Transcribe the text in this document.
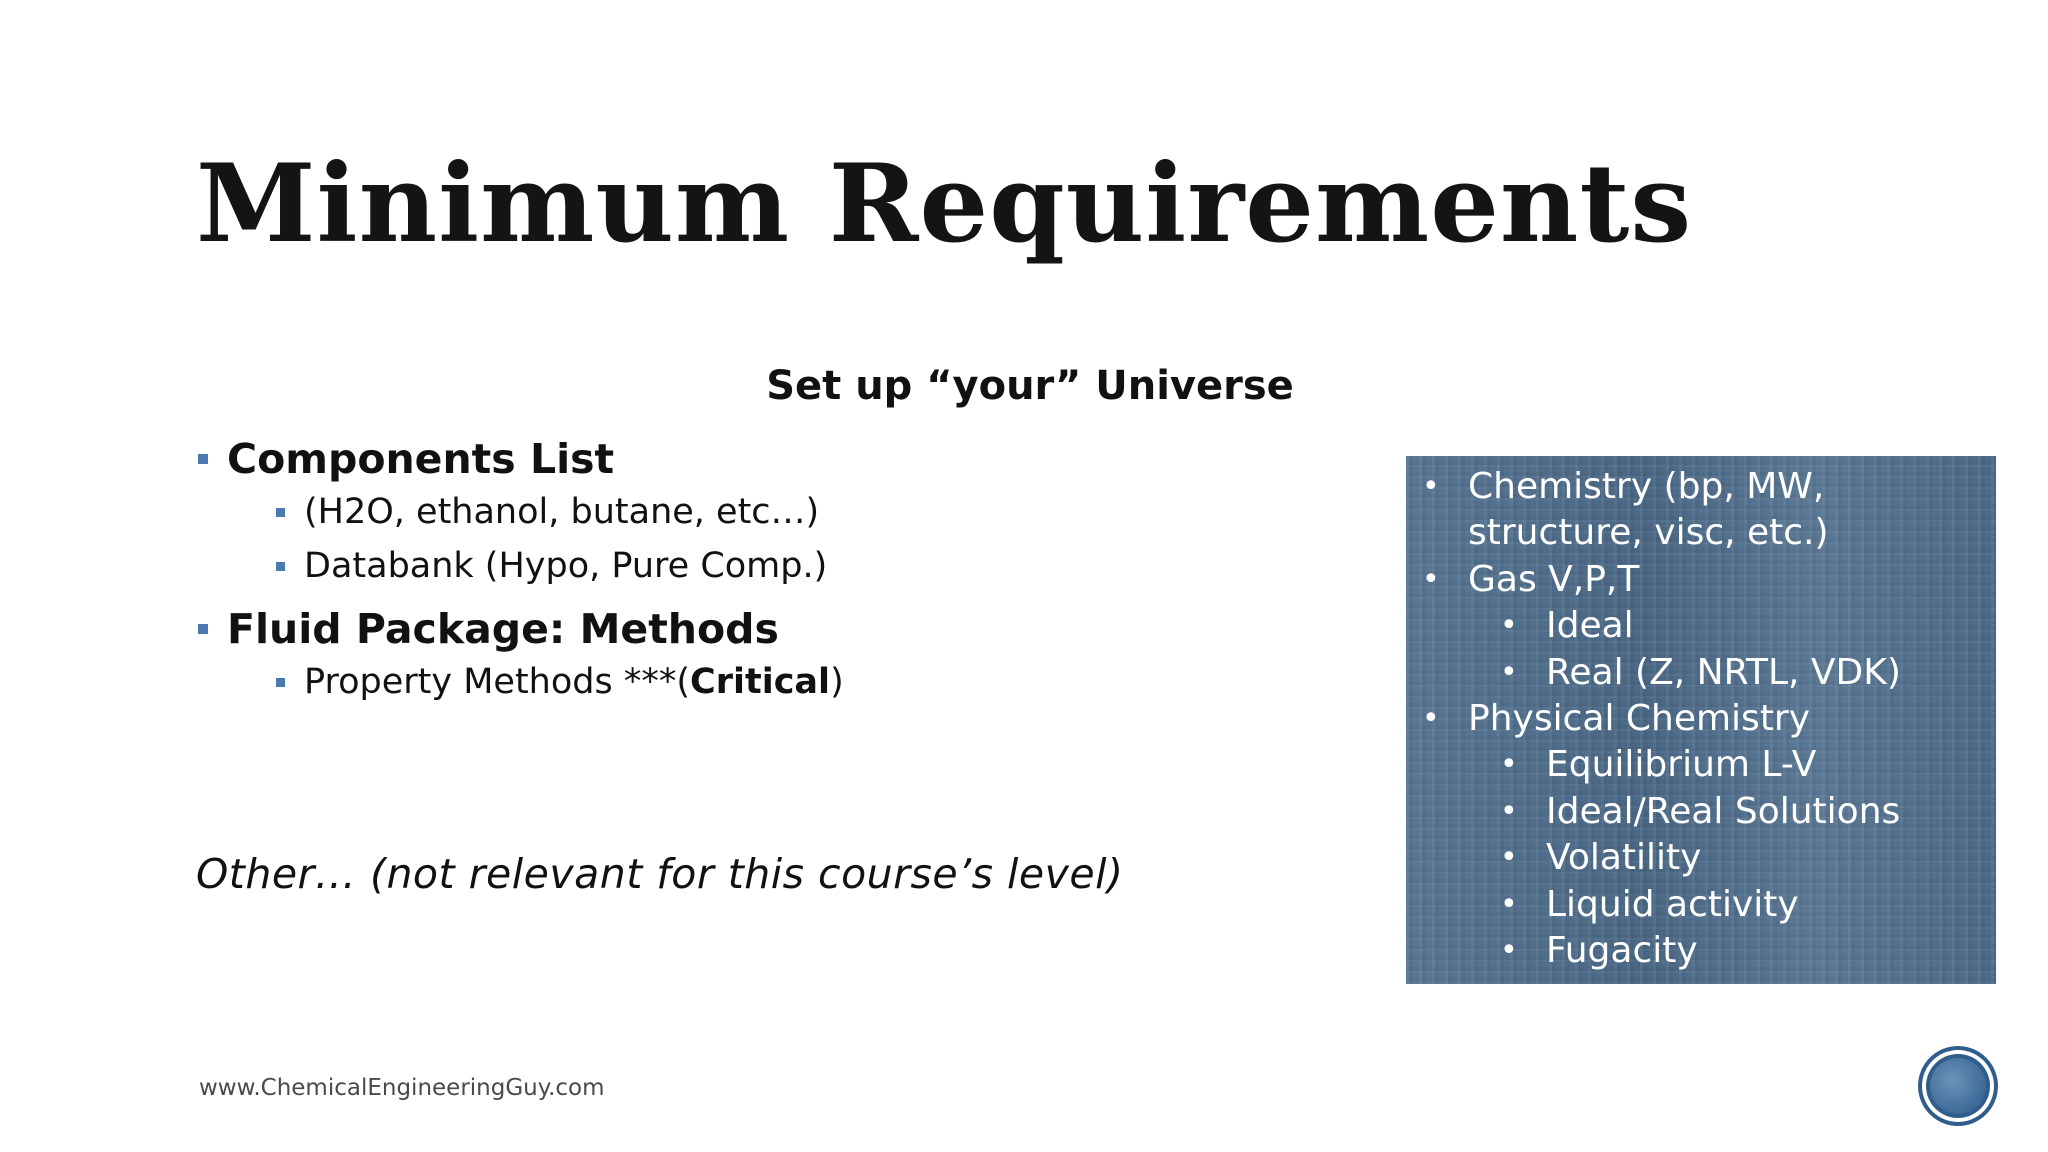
Minimum Requirements
Set up “your” Universe
Components List
(H2O, ethanol, butane, etc…)
Databank (Hypo, Pure Comp.)
Fluid Package: Methods
Property Methods ***(Critical)
Other… (not relevant for this course’s level)
• Chemistry (bp, MW,
structure, visc, etc.)
• Gas V,P,T
• Ideal
• Real (Z, NRTL, VDK)
• Physical Chemistry
• Equilibrium L-V
• Ideal/Real Solutions
• Volatility
• Liquid activity
• Fugacity
www.ChemicalEngineeringGuy.com
